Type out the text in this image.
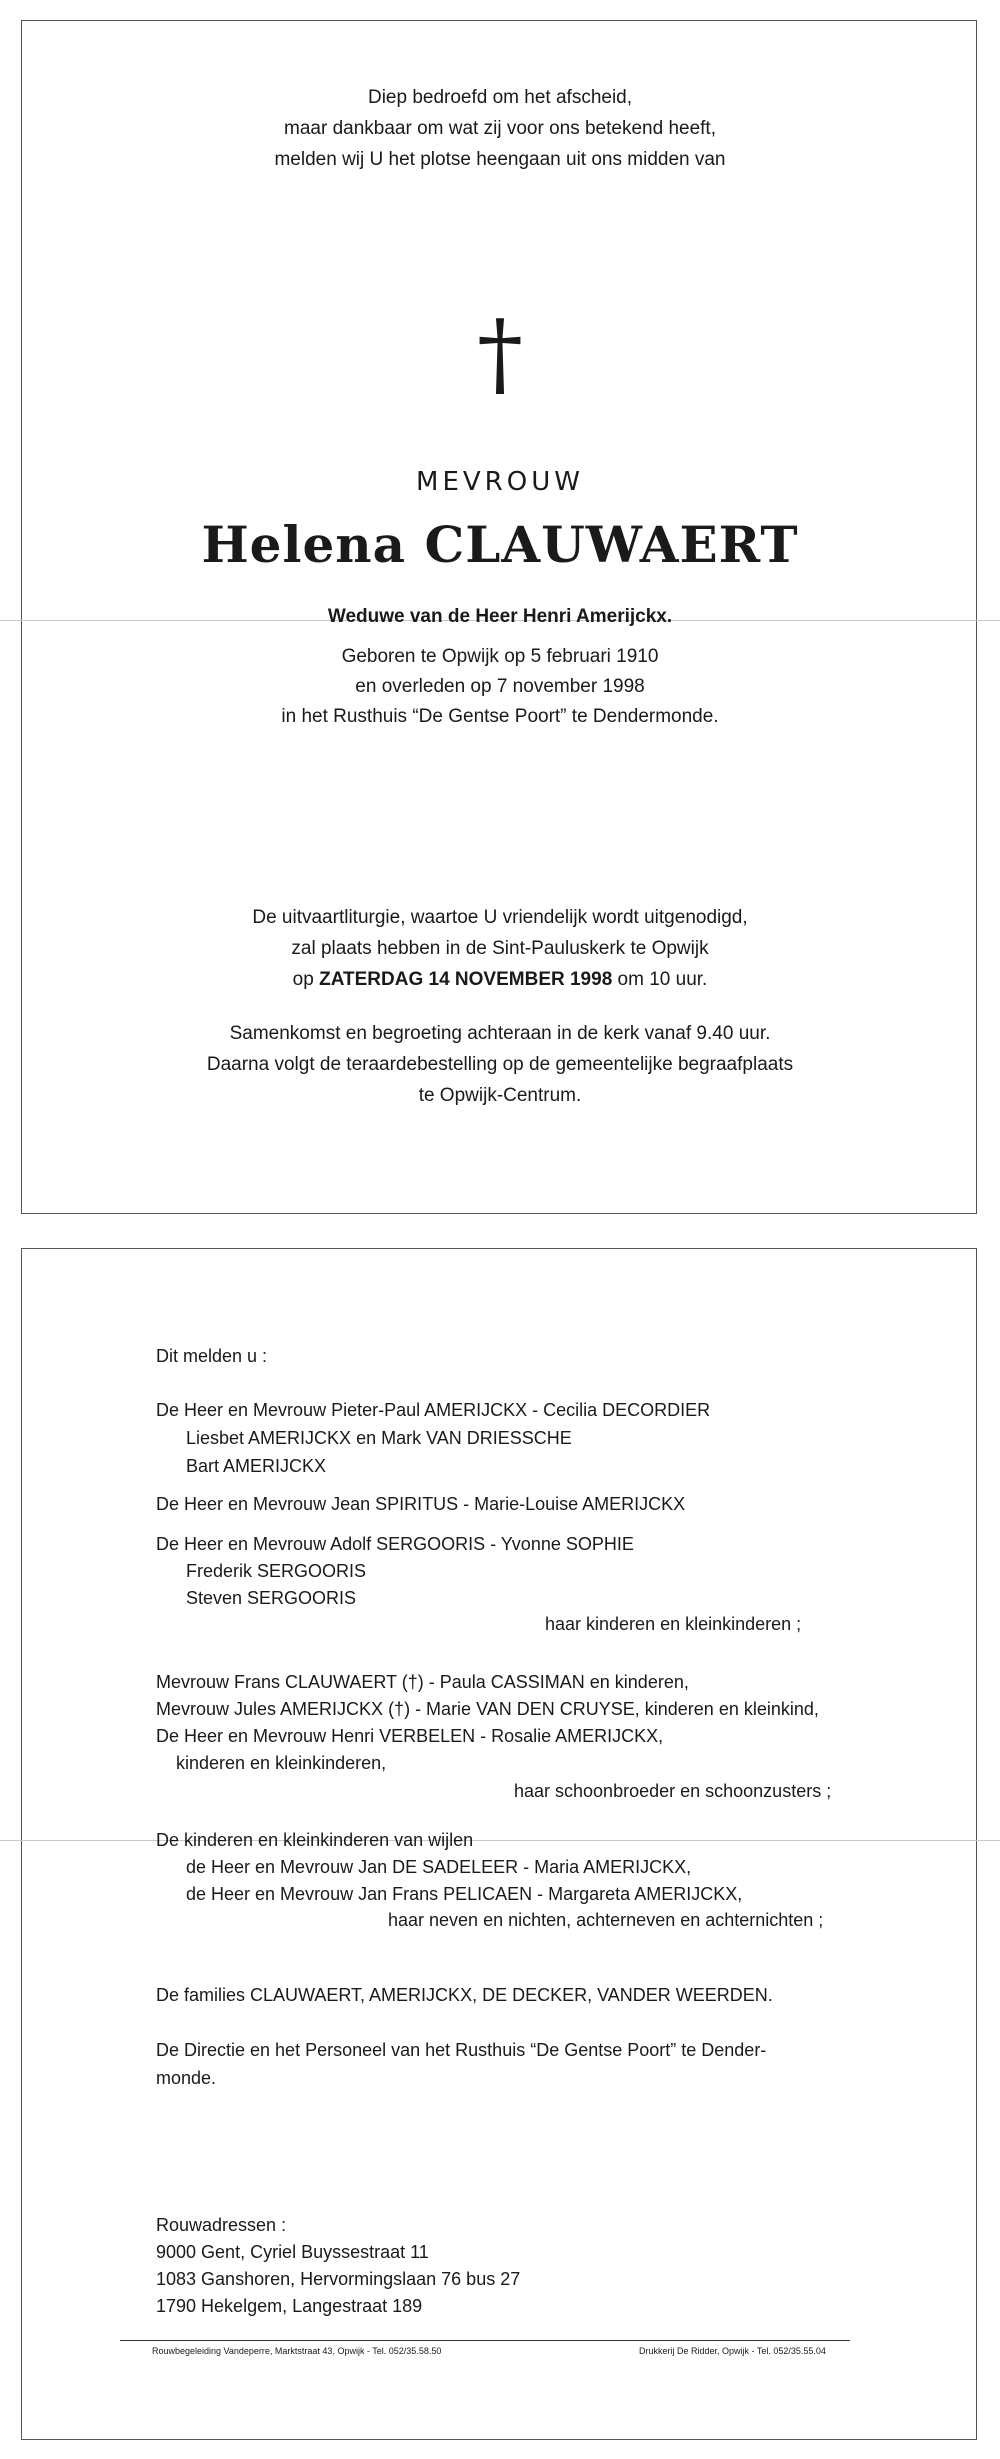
Diep bedroefd om het afscheid,
maar dankbaar om wat zij voor ons betekend heeft,
melden wij U het plotse heengaan uit ons midden van
†
MEVROUW
Helena CLAUWAERT
Weduwe van de Heer Henri Amerijckx.
Geboren te Opwijk op 5 februari 1910
en overleden op 7 november 1998
in het Rusthuis “De Gentse Poort” te Dendermonde.
De uitvaartliturgie, waartoe U vriendelijk wordt uitgenodigd,
zal plaats hebben in de Sint-Pauluskerk te Opwijk
op ZATERDAG 14 NOVEMBER 1998 om 10 uur.
Samenkomst en begroeting achteraan in de kerk vanaf 9.40 uur.
Daarna volgt de teraardebestelling op de gemeentelijke begraafplaats
te Opwijk-Centrum.
Dit melden u :
De Heer en Mevrouw Pieter-Paul AMERIJCKX - Cecilia DECORDIER
Liesbet AMERIJCKX en Mark VAN DRIESSCHE
Bart AMERIJCKX
De Heer en Mevrouw Jean SPIRITUS - Marie-Louise AMERIJCKX
De Heer en Mevrouw Adolf SERGOORIS - Yvonne SOPHIE
Frederik SERGOORIS
Steven SERGOORIS
haar kinderen en kleinkinderen ;
Mevrouw Frans CLAUWAERT (†) - Paula CASSIMAN en kinderen,
Mevrouw Jules AMERIJCKX (†) - Marie VAN DEN CRUYSE, kinderen en kleinkind,
De Heer en Mevrouw Henri VERBELEN - Rosalie AMERIJCKX,
kinderen en kleinkinderen,
haar schoonbroeder en schoonzusters ;
De kinderen en kleinkinderen van wijlen
de Heer en Mevrouw Jan DE SADELEER - Maria AMERIJCKX,
de Heer en Mevrouw Jan Frans PELICAEN - Margareta AMERIJCKX,
haar neven en nichten, achterneven en achternichten ;
De families CLAUWAERT, AMERIJCKX, DE DECKER, VANDER WEERDEN.
De Directie en het Personeel van het Rusthuis “De Gentse Poort” te Dender-
monde.
Rouwadressen :
9000 Gent, Cyriel Buyssestraat 11
1083 Ganshoren, Hervormingslaan 76 bus 27
1790 Hekelgem, Langestraat 189
Rouwbegeleiding Vandeperre, Marktstraat 43, Opwijk - Tel. 052/35.58.50	Drukkerij De Ridder, Opwijk - Tel. 052/35.55.04
